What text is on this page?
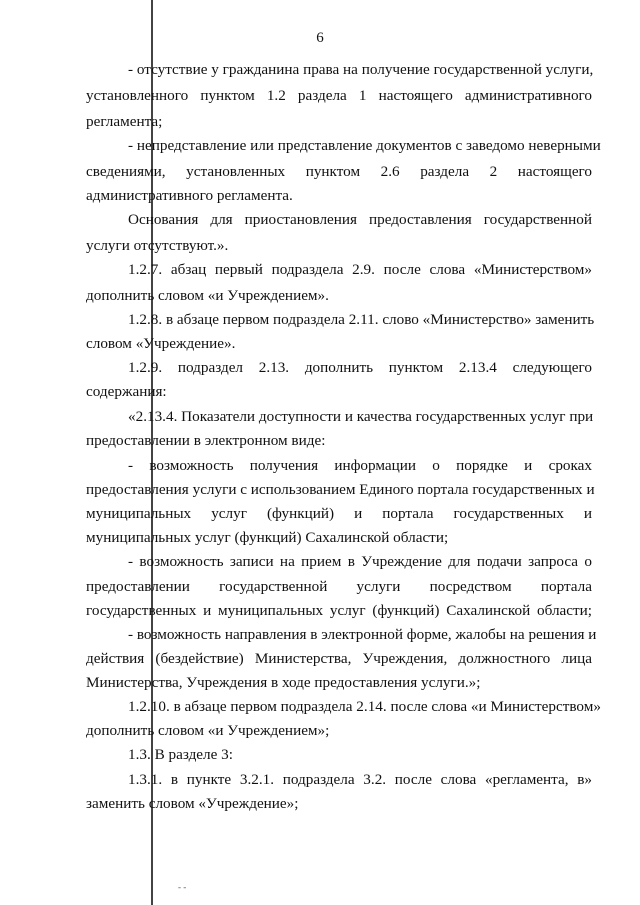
6
- отсутствие у гражданина права на получение государственной услуги,
установленного пунктом 1.2 раздела 1 настоящего административного
регламента;
- непредставление или представление документов с заведомо неверными
сведениями, установленных пунктом 2.6 раздела 2 настоящего
административного регламента.
Основания для приостановления предоставления государственной
услуги отсутствуют.».
1.2.7. абзац первый подраздела 2.9. после слова «Министерством»
дополнить словом «и Учреждением».
1.2.8. в абзаце первом подраздела 2.11. слово «Министерство» заменить
словом «Учреждение».
1.2.9. подраздел 2.13. дополнить пунктом 2.13.4 следующего
содержания:
«2.13.4. Показатели доступности и качества государственных услуг при
предоставлении в электронном виде:
- возможность получения информации о порядке и сроках
предоставления услуги с использованием Единого портала государственных и
муниципальных услуг (функций) и портала государственных и
муниципальных услуг (функций) Сахалинской области;
- возможность записи на прием в Учреждение для подачи запроса о
предоставлении государственной услуги посредством портала
государственных и муниципальных услуг (функций) Сахалинской области;
- возможность направления в электронной форме, жалобы на решения и
действия (бездействие) Министерства, Учреждения, должностного лица
Министерства, Учреждения в ходе предоставления услуги.»;
1.2.10. в абзаце первом подраздела 2.14. после слова «и Министерством»
дополнить словом «и Учреждением»;
1.3. В разделе 3:
1.3.1. в пункте 3.2.1. подраздела 3.2. после слова «регламента, в»
заменить словом «Учреждение»;
- -
